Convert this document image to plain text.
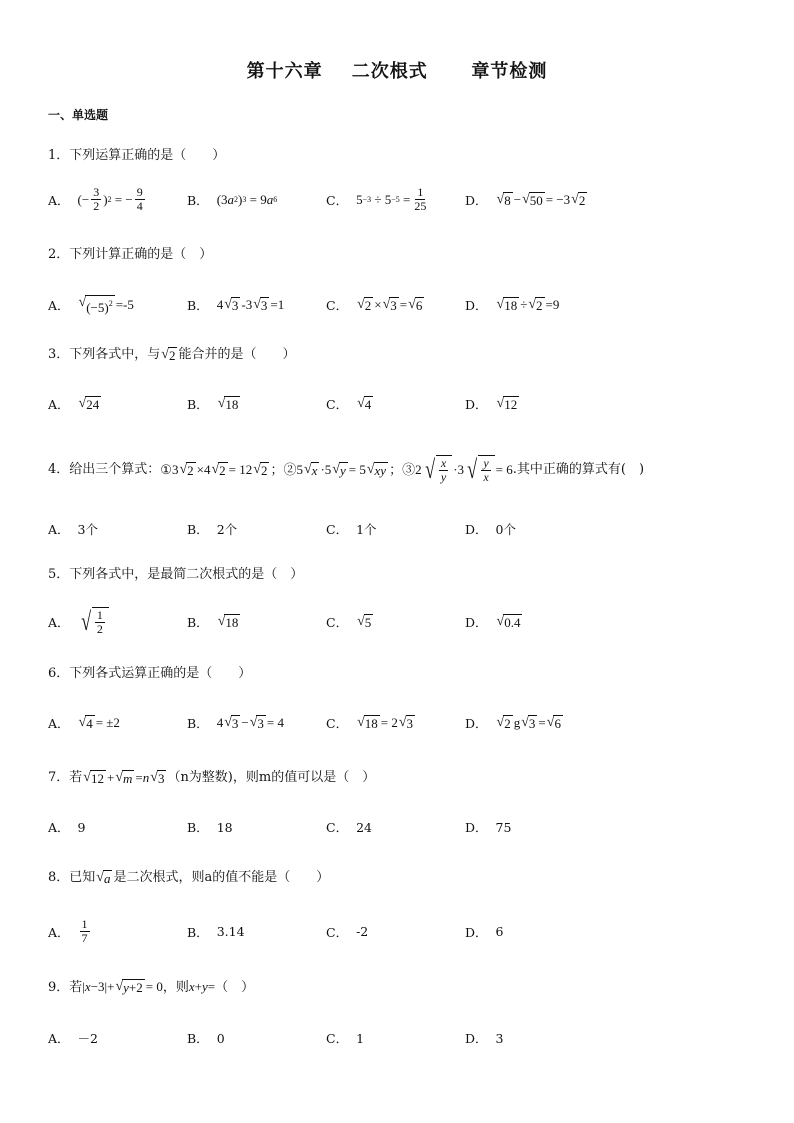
第十六章    二次根式      章节检测
一、单选题
1．下列运算正确的是（　　）
A． (− $\frac{3}{2}$ ) 2 = − $\frac{9}{4}$	B． (3 a 2 ) 3 = 9 a 6	C． $5 -3 \div 5 -5 = \frac{1}{25}$	D． √ 8 − √ 50 = −3 √ 2
2．下列计算正确的是（　）
A． √ $(-5)^2 =-5$	B． 4 √ 3 -3 √ 3 =1	C． √ 2 × √ 3 = √ 6	D． √ 18 ÷ √ 2 =9
3．下列各式中，与 √ 2 能合并的是（　　）
A． √ 24	B． √ 18	C． √ 4	D． √ 12
4． 给出三个算式： ①3 √ 2 ×4 √ 2 = 12 √ 2 ；②5 √ x ·5 √ y = 5 √ xy ；③2 √ $\frac{x}{y} \cdot 3$ √ $\frac{y}{x} = 6$ .其中正确的算式有(　)
A． 3个	B． 2个	C． 1个	D． 0个
5．下列各式中，是最简二次根式的是（　）
A． √ $\frac{1}{2}$	B． √ 18	C． √ 5	D． √ 0.4
6．下列各式运算正确的是（　　）
A． √ 4 = ±2	B． 4 √ 3 − √ 3 = 4	C． √ 18 = 2 √ 3	D． √ 2 g √ 3 = √ 6
7．若 √ 12 + √ m = n √ 3 （n为整数)，则m的值可以是（　）
A． 9	B． 18	C． 24	D． 75
8．已知 √ a 是二次根式，则a的值不能是（　　）
A． $\frac{1}{7}$	B． 3.14	C． -2	D． 6
9．若| x −3|+ √ y+2 = 0，则 x + y =（　）
A． －2	B． 0	C． 1	D． 3
